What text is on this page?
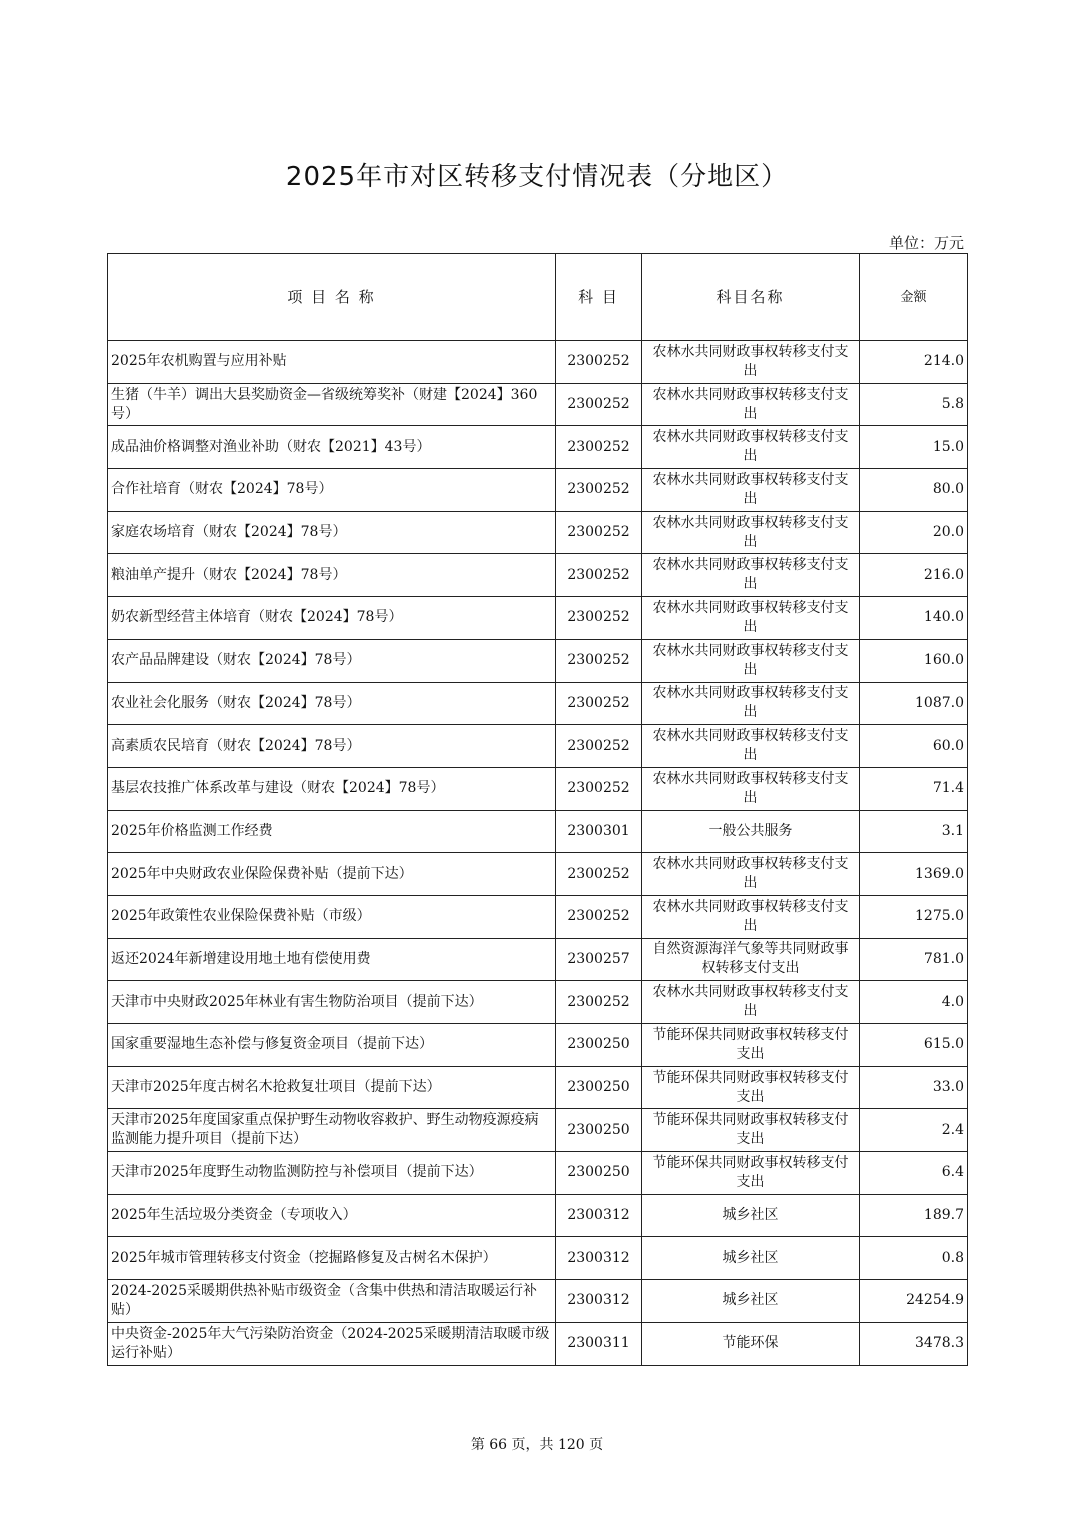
2025年市对区转移支付情况表（分地区）
单位：万元
项 目 名 称	科 目	科目名称	金额
2025年农机购置与应用补贴	2300252	农林水共同财政事权转移支付支出	214.0
生猪（牛羊）调出大县奖励资金—省级统筹奖补（财建【2024】360号）	2300252	农林水共同财政事权转移支付支出	5.8
成品油价格调整对渔业补助（财农【2021】43号）	2300252	农林水共同财政事权转移支付支出	15.0
合作社培育（财农【2024】78号）	2300252	农林水共同财政事权转移支付支出	80.0
家庭农场培育（财农【2024】78号）	2300252	农林水共同财政事权转移支付支出	20.0
粮油单产提升（财农【2024】78号）	2300252	农林水共同财政事权转移支付支出	216.0
奶农新型经营主体培育（财农【2024】78号）	2300252	农林水共同财政事权转移支付支出	140.0
农产品品牌建设（财农【2024】78号）	2300252	农林水共同财政事权转移支付支出	160.0
农业社会化服务（财农【2024】78号）	2300252	农林水共同财政事权转移支付支出	1087.0
高素质农民培育（财农【2024】78号）	2300252	农林水共同财政事权转移支付支出	60.0
基层农技推广体系改革与建设（财农【2024】78号）	2300252	农林水共同财政事权转移支付支出	71.4
2025年价格监测工作经费	2300301	一般公共服务	3.1
2025年中央财政农业保险保费补贴（提前下达）	2300252	农林水共同财政事权转移支付支出	1369.0
2025年政策性农业保险保费补贴（市级）	2300252	农林水共同财政事权转移支付支出	1275.0
返还2024年新增建设用地土地有偿使用费	2300257	自然资源海洋气象等共同财政事权转移支付支出	781.0
天津市中央财政2025年林业有害生物防治项目（提前下达）	2300252	农林水共同财政事权转移支付支出	4.0
国家重要湿地生态补偿与修复资金项目（提前下达）	2300250	节能环保共同财政事权转移支付支出	615.0
天津市2025年度古树名木抢救复壮项目（提前下达）	2300250	节能环保共同财政事权转移支付支出	33.0
天津市2025年度国家重点保护野生动物收容救护、野生动物疫源疫病监测能力提升项目（提前下达）	2300250	节能环保共同财政事权转移支付支出	2.4
天津市2025年度野生动物监测防控与补偿项目（提前下达）	2300250	节能环保共同财政事权转移支付支出	6.4
2025年生活垃圾分类资金（专项收入）	2300312	城乡社区	189.7
2025年城市管理转移支付资金（挖掘路修复及古树名木保护）	2300312	城乡社区	0.8
2024-2025采暖期供热补贴市级资金（含集中供热和清洁取暖运行补贴）	2300312	城乡社区	24254.9
中央资金-2025年大气污染防治资金（2024-2025采暖期清洁取暖市级运行补贴）	2300311	节能环保	3478.3
第 66 页，共 120 页
